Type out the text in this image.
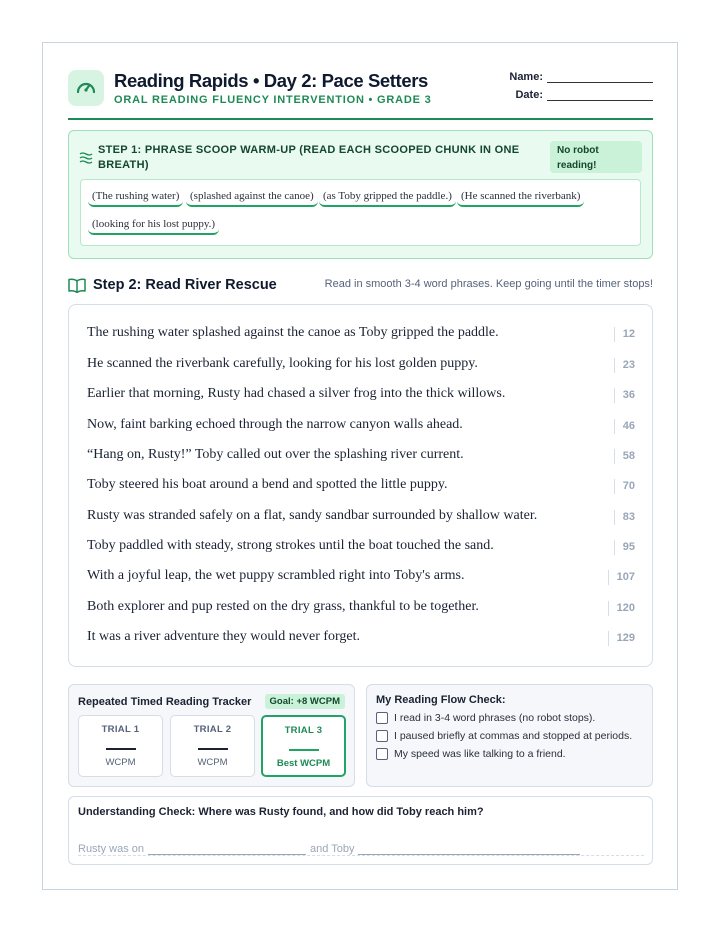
Reading Rapids • Day 2: Pace Setters
ORAL READING FLUENCY INTERVENTION • GRADE 3
Name:
Date:
STEP 1: PHRASE SCOOP WARM-UP (READ EACH SCOOPED CHUNK IN ONE BREATH)
No robot reading!
(The rushing water) (splashed against the canoe) (as Toby gripped the paddle.) (He scanned the riverbank)
(looking for his lost puppy.)
Step 2: Read River Rescue	Read in smooth 3-4 word phrases. Keep going until the timer stops!
The rushing water splashed against the canoe as Toby gripped the paddle.	12
He scanned the riverbank carefully, looking for his lost golden puppy.	23
Earlier that morning, Rusty had chased a silver frog into the thick willows.	36
Now, faint barking echoed through the narrow canyon walls ahead.	46
“Hang on, Rusty!” Toby called out over the splashing river current.	58
Toby steered his boat around a bend and spotted the little puppy.	70
Rusty was stranded safely on a flat, sandy sandbar surrounded by shallow water.	83
Toby paddled with steady, strong strokes until the boat touched the sand.	95
With a joyful leap, the wet puppy scrambled right into Toby's arms.	107
Both explorer and pup rested on the dry grass, thankful to be together.	120
It was a river adventure they would never forget.	129
Repeated Timed Reading Tracker	Goal: +8 WCPM
TRIAL 1
WCPM
TRIAL 2
WCPM
TRIAL 3
Best WCPM
My Reading Flow Check:
I read in 3-4 word phrases (no robot stops).
I paused briefly at commas and stopped at periods.
My speed was like talking to a friend.
Understanding Check: Where was Rusty found, and how did Toby reach him?
Rusty was on	and Toby
